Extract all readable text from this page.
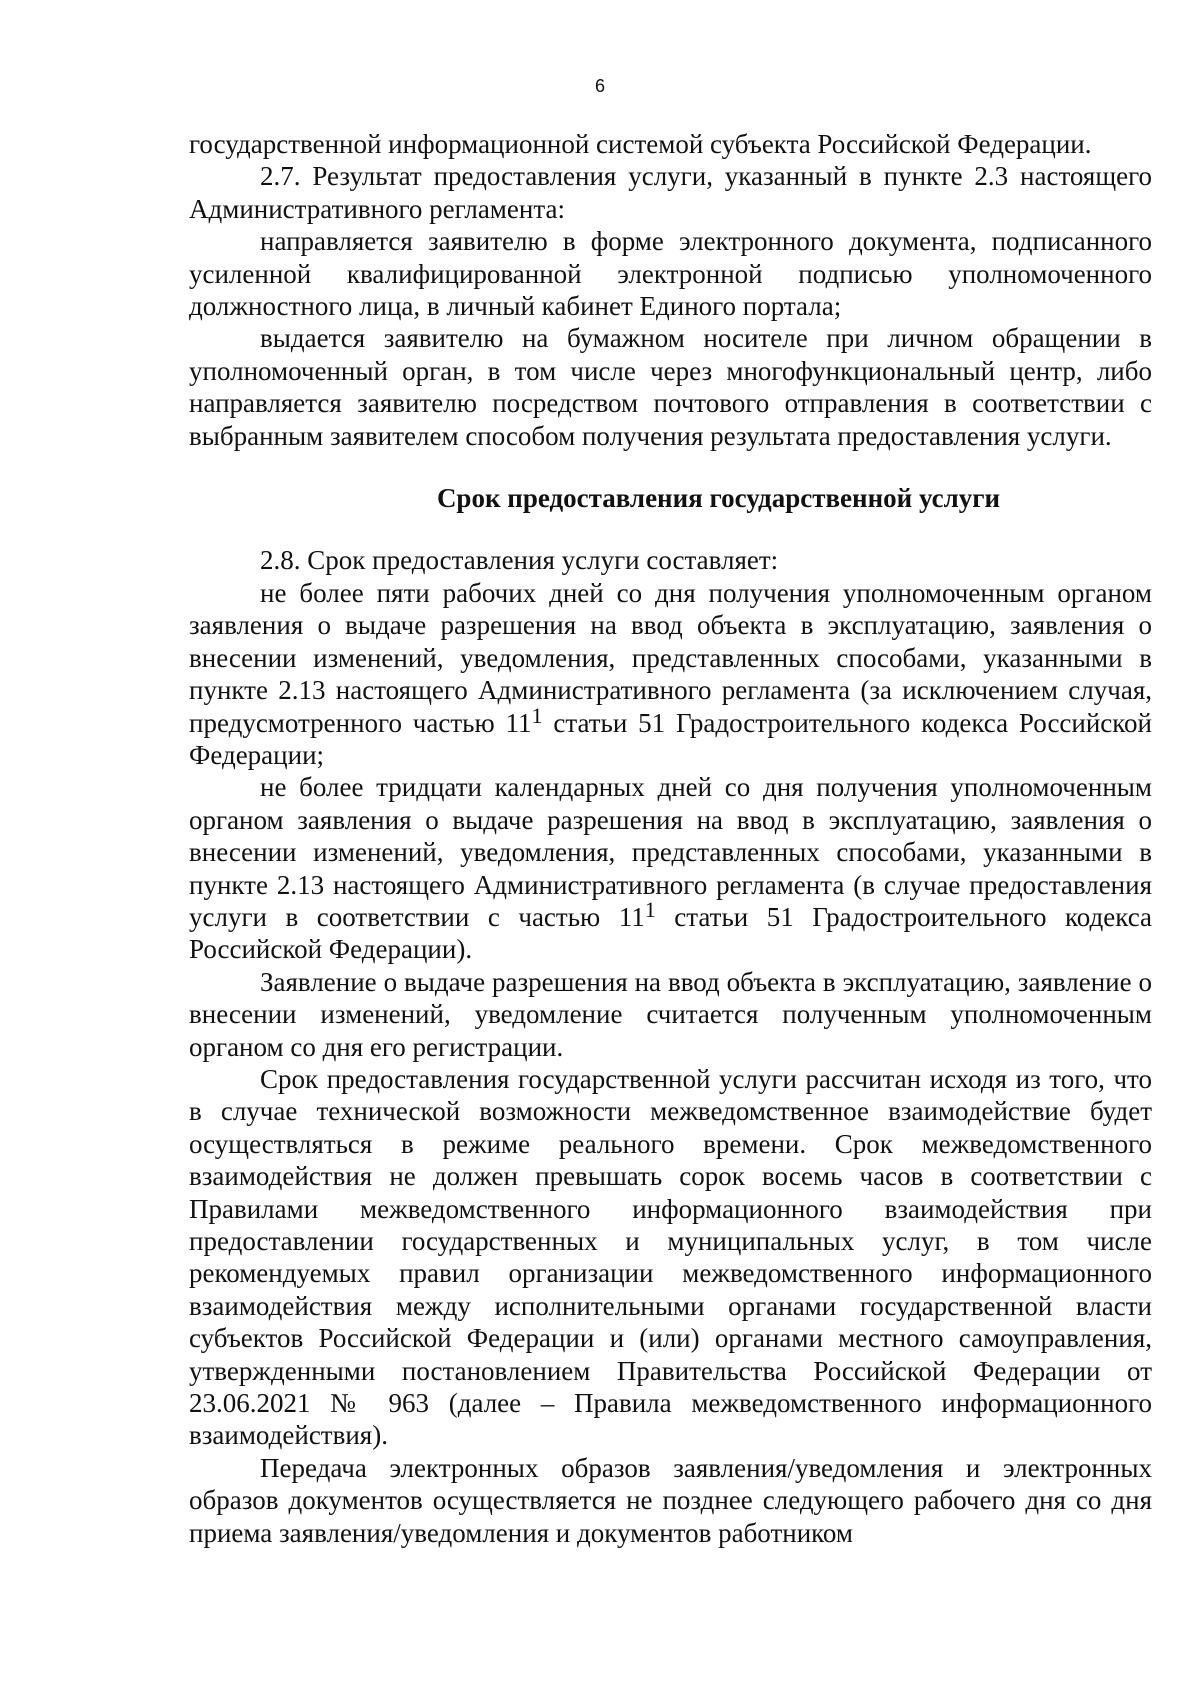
6

государственной информационной системой субъекта Российской Федерации.

2.7. Результат предоставления услуги, указанный в пункте 2.3 настоящего Административного регламента:

направляется заявителю в форме электронного документа, подписанного усиленной квалифицированной электронной подписью уполномоченного должностного лица, в личный кабинет Единого портала;

выдается заявителю на бумажном носителе при личном обращении в уполномоченный орган, в том числе через многофункциональный центр, либо направляется заявителю посредством почтового отправления в соответствии с выбранным заявителем способом получения результата предоставления услуги.

Срок предоставления государственной услуги

2.8. Срок предоставления услуги составляет:

не более пяти рабочих дней со дня получения уполномоченным органом заявления о выдаче разрешения на ввод объекта в эксплуатацию, заявления о внесении изменений, уведомления, представленных способами, указанными в пункте 2.13 настоящего Административного регламента (за исключением случая, предусмотренного частью $11^1$ статьи 51 Градостроительного кодекса Российской Федерации;

не более тридцати календарных дней со дня получения уполномоченным органом заявления о выдаче разрешения на ввод в эксплуатацию, заявления о внесении изменений, уведомления, представленных способами, указанными в пункте 2.13 настоящего Административного регламента (в случае предоставления услуги в соответствии с частью $11^1$ статьи 51 Градостроительного кодекса Российской Федерации).

Заявление о выдаче разрешения на ввод объекта в эксплуатацию, заявление о внесении изменений, уведомление считается полученным уполномоченным органом со дня его регистрации.

Срок предоставления государственной услуги рассчитан исходя из того, что в случае технической возможности межведомственное взаимодействие будет осуществляться в режиме реального времени. Срок межведомственного взаимодействия не должен превышать сорок восемь часов в соответствии с Правилами межведомственного информационного взаимодействия при предоставлении государственных и муниципальных услуг, в том числе рекомендуемых правил организации межведомственного информационного взаимодействия между исполнительными органами государственной власти субъектов Российской Федерации и (или) органами местного самоуправления, утвержденными постановлением Правительства Российской Федерации от 23.06.2021 № 963 (далее – Правила межведомственного информационного взаимодействия).

Передача электронных образов заявления/уведомления и электронных образов документов осуществляется не позднее следующего рабочего дня со дня приема заявления/уведомления и документов работником
